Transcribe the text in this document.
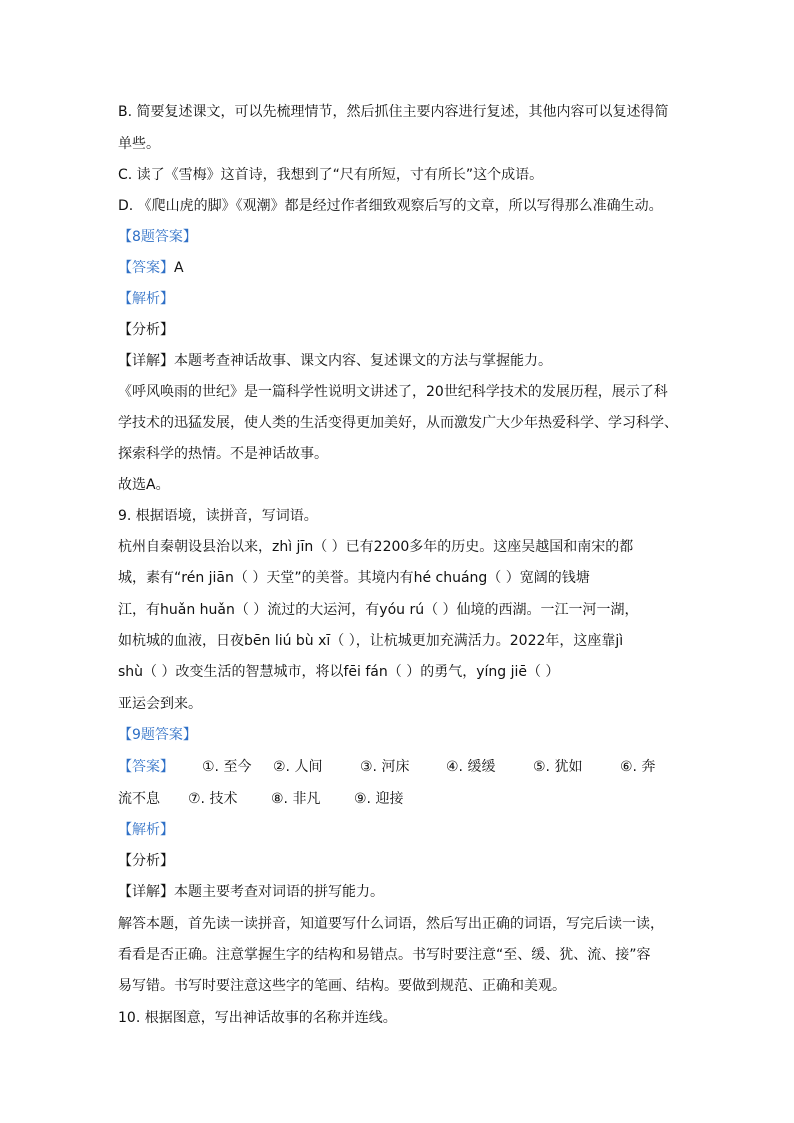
B. 简要复述课文，可以先梳理情节，然后抓住主要内容进行复述，其他内容可以复述得简
单些。
C. 读了《雪梅》这首诗，我想到了“尺有所短，寸有所长”这个成语。
D. 《爬山虎的脚》《观潮》都是经过作者细致观察后写的文章，所以写得那么准确生动。
【8题答案】
【答案】A
【解析】
【分析】
【详解】本题考查神话故事、课文内容、复述课文的方法与掌握能力。
《呼风唤雨的世纪》是一篇科学性说明文讲述了，20世纪科学技术的发展历程，展示了科
学技术的迅猛发展，使人类的生活变得更加美好，从而激发广大少年热爱科学、学习科学、
探索科学的热情。不是神话故事。
故选A。
9. 根据语境，读拼音，写词语。
杭州自秦朝设县治以来，zhì jīn（ ）已有2200多年的历史。这座吴越国和南宋的都
城，素有“rén jiān（ ）天堂”的美誉。其境内有hé chuáng（ ）宽阔的钱塘
江，有huǎn huǎn（ ）流过的大运河，有yóu rú（ ）仙境的西湖。一江一河一湖，
如杭城的血液，日夜bēn liú bù xī（ ），让杭城更加充满活力。2022年，这座靠jì
shù（ ）改变生活的智慧城市，将以fēi fán（ ）的勇气，yíng jiē（ ）
亚运会到来。
【9题答案】
【答案】	①. 至今	②. 人间	③. 河床	④. 缓缓	⑤. 犹如	⑥. 奔
流不息	⑦. 技术	⑧. 非凡	⑨. 迎接
【解析】
【分析】
【详解】本题主要考查对词语的拼写能力。
解答本题，首先读一读拼音，知道要写什么词语，然后写出正确的词语，写完后读一读，
看看是否正确。注意掌握生字的结构和易错点。书写时要注意“至、缓、犹、流、接”容
易写错。书写时要注意这些字的笔画、结构。要做到规范、正确和美观。
10. 根据图意，写出神话故事的名称并连线。
